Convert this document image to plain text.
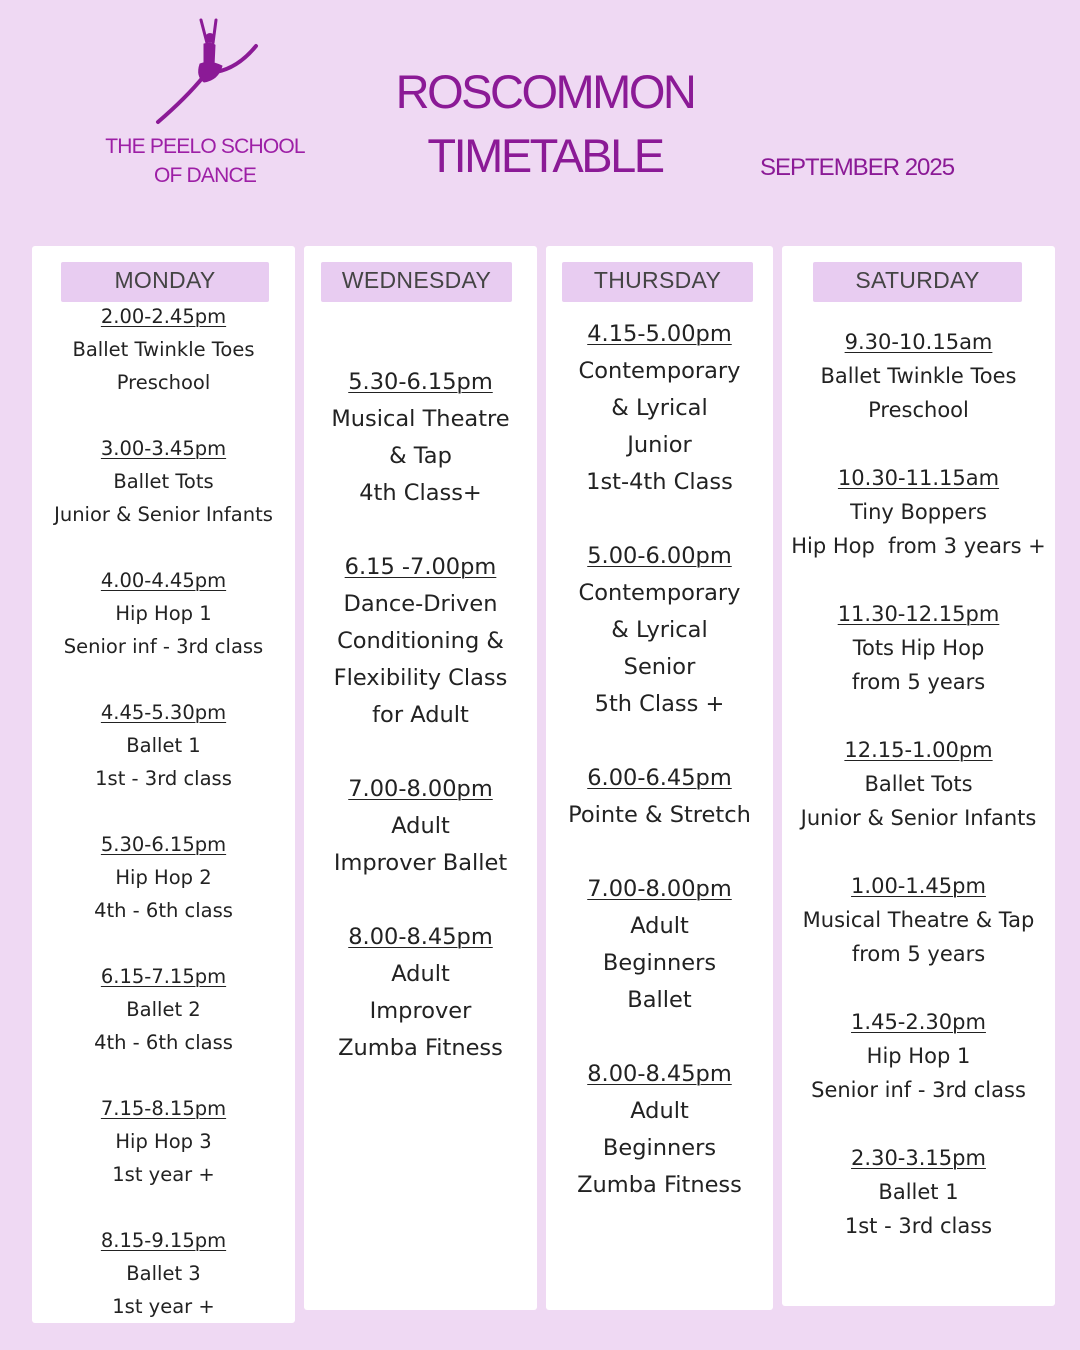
THE PEELO SCHOOL
OF DANCE
ROSCOMMON
TIMETABLE	SEPTEMBER 2025
MONDAY
2.00-2.45pm
Ballet Twinkle Toes
Preschool
3.00-3.45pm
Ballet Tots
Junior & Senior Infants
4.00-4.45pm
Hip Hop 1
Senior inf - 3rd class
4.45-5.30pm
Ballet 1
1st - 3rd class
5.30-6.15pm
Hip Hop 2
4th - 6th class
6.15-7.15pm
Ballet 2
4th - 6th class
7.15-8.15pm
Hip Hop 3
1st year +
8.15-9.15pm
Ballet 3
1st year +
WEDNESDAY
5.30-6.15pm
Musical Theatre
& Tap
4th Class+
6.15 -7.00pm
Dance-Driven
Conditioning &
Flexibility Class
for Adult
7.00-8.00pm
Adult
Improver Ballet
8.00-8.45pm
Adult
Improver
Zumba Fitness
THURSDAY
4.15-5.00pm
Contemporary
& Lyrical
Junior
1st-4th Class
5.00-6.00pm
Contemporary
& Lyrical
Senior
5th Class +
6.00-6.45pm
Pointe & Stretch
7.00-8.00pm
Adult
Beginners
Ballet
8.00-8.45pm
Adult
Beginners
Zumba Fitness
SATURDAY
9.30-10.15am
Ballet Twinkle Toes
Preschool
10.30-11.15am
Tiny Boppers
Hip Hop  from 3 years +
11.30-12.15pm
Tots Hip Hop
from 5 years
12.15-1.00pm
Ballet Tots
Junior & Senior Infants
1.00-1.45pm
Musical Theatre & Tap
from 5 years
1.45-2.30pm
Hip Hop 1
Senior inf - 3rd class
2.30-3.15pm
Ballet 1
1st - 3rd class
